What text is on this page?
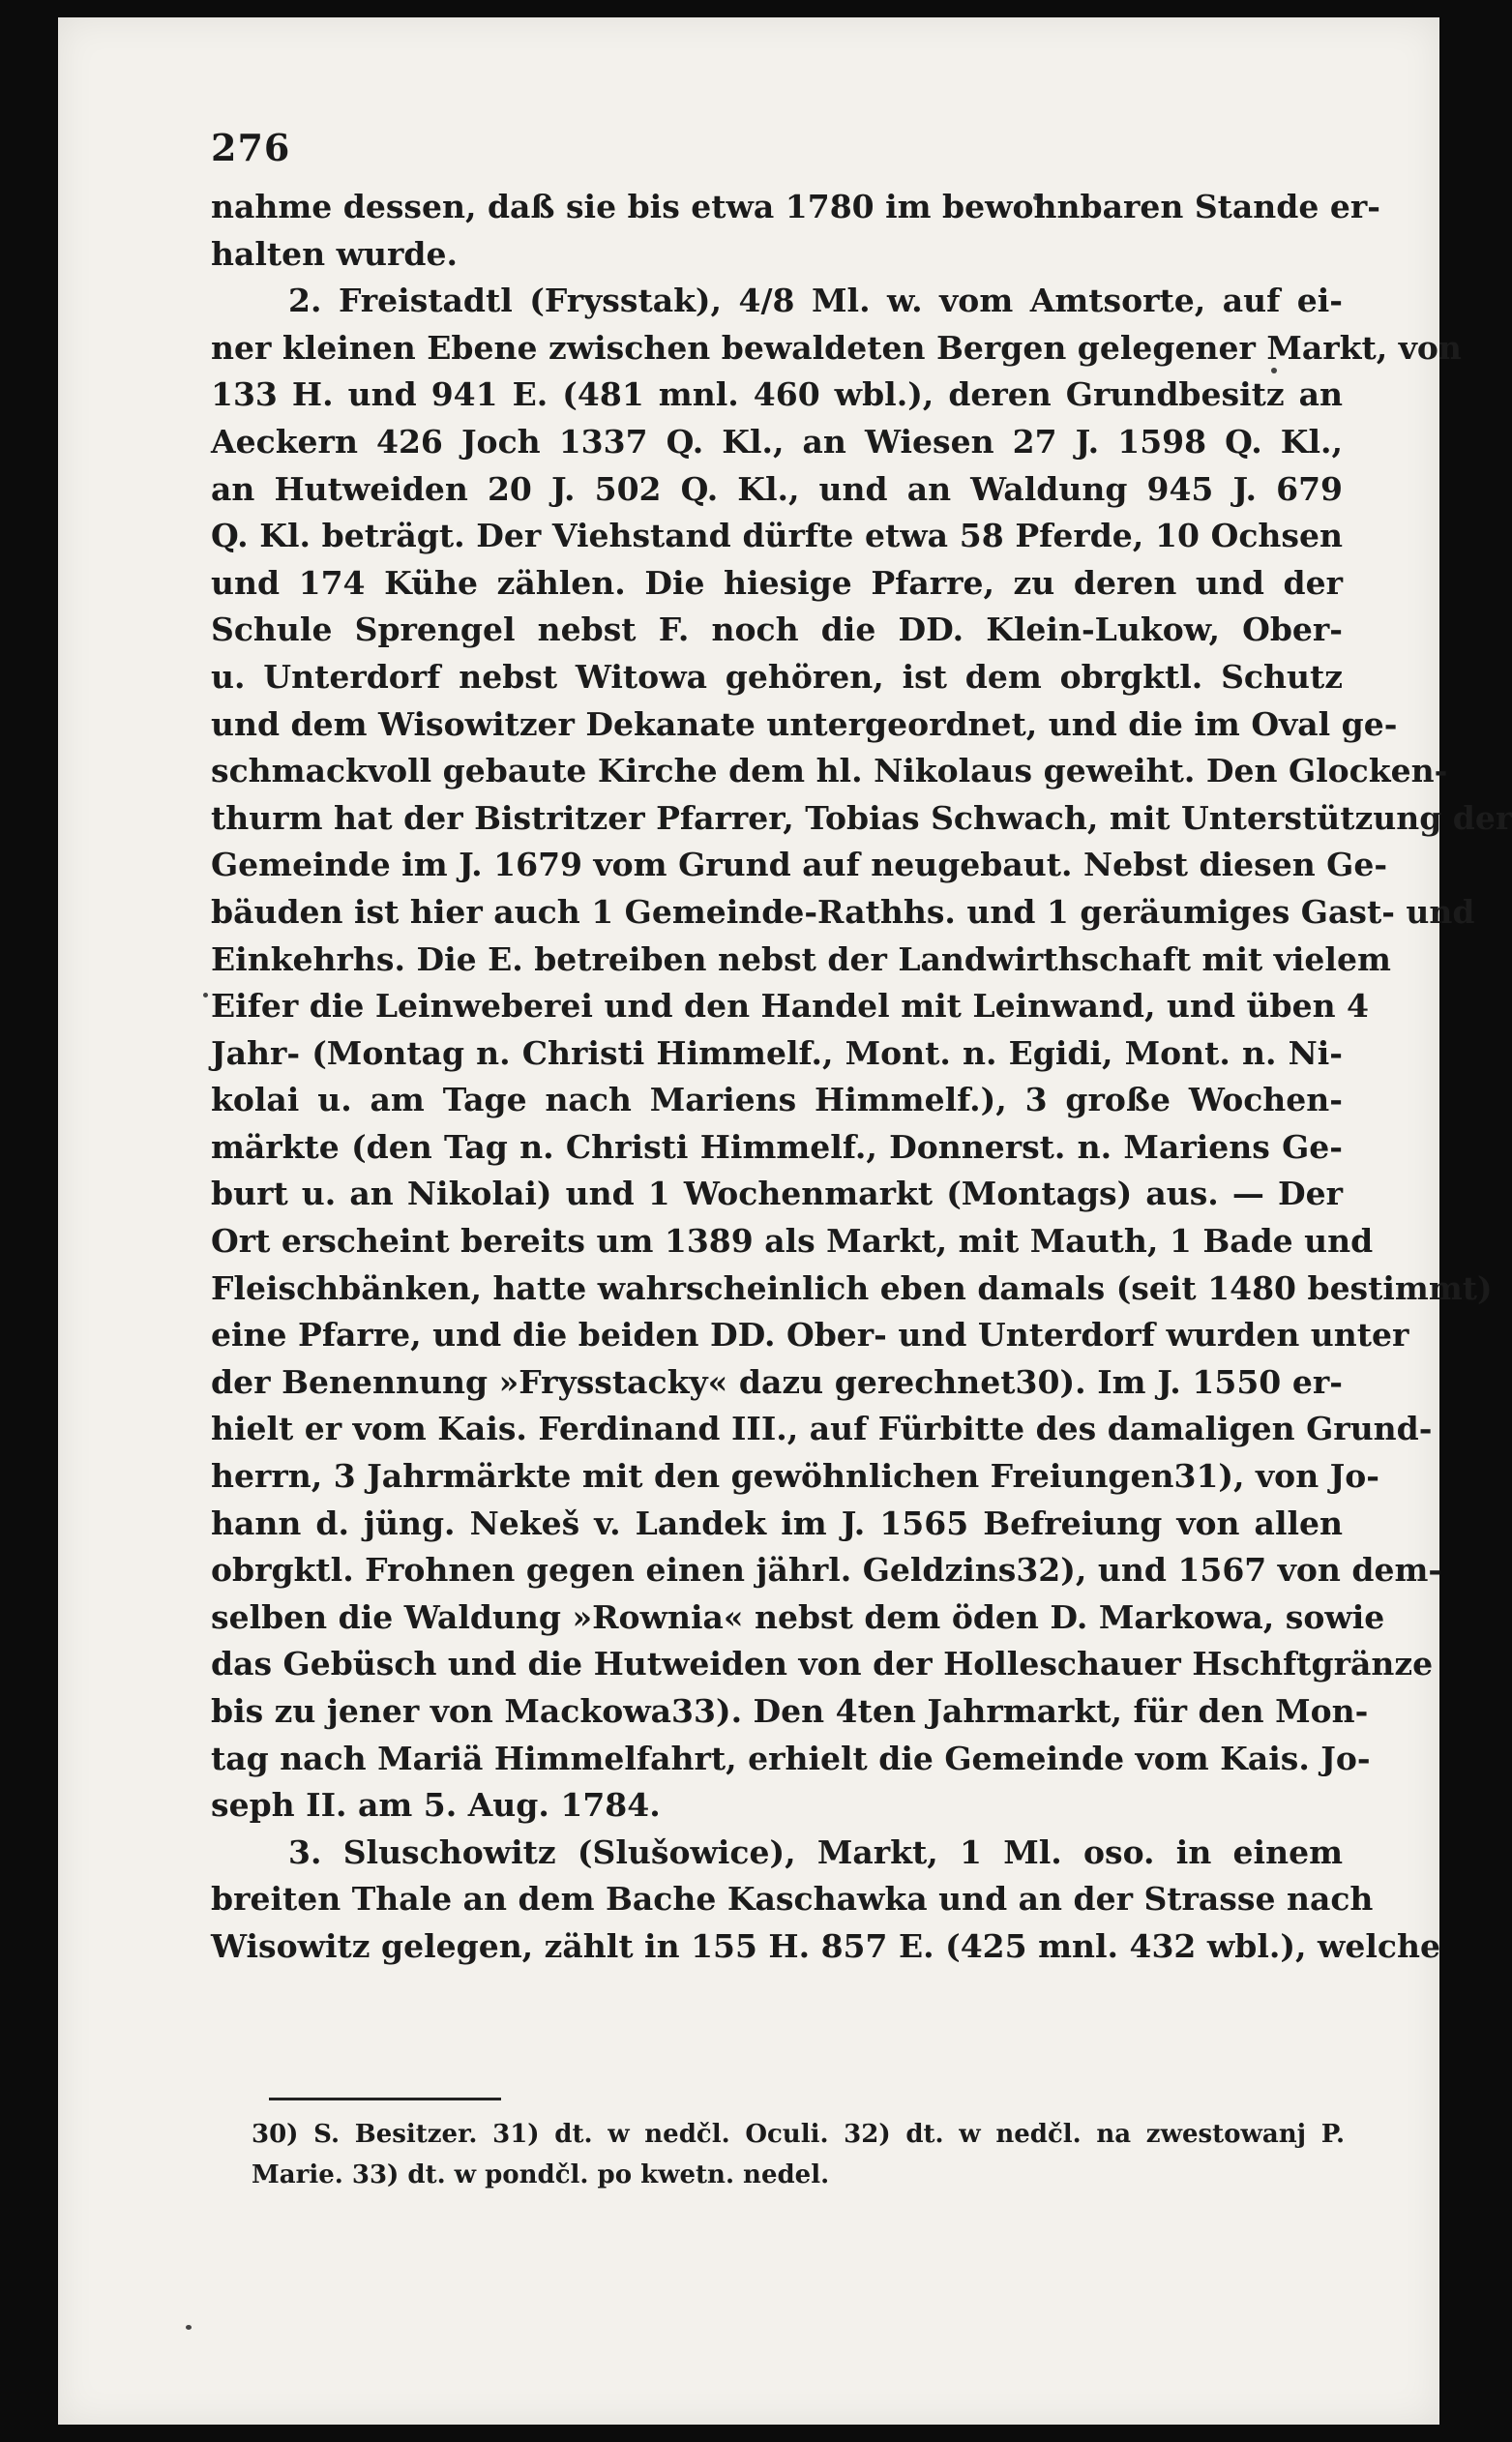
276
nahme dessen, daß sie bis etwa 1780 im bewohnbaren Stande er-
halten wurde.
2. Freistadtl (Frysstak), 4/8 Ml. w. vom Amtsorte, auf ei-
ner kleinen Ebene zwischen bewaldeten Bergen gelegener Markt, von
133 H. und 941 E. (481 mnl. 460 wbl.), deren Grundbesitz an
Aeckern 426 Joch 1337 Q. Kl., an Wiesen 27 J. 1598 Q. Kl.,
an Hutweiden 20 J. 502 Q. Kl., und an Waldung 945 J. 679
Q. Kl. beträgt. Der Viehstand dürfte etwa 58 Pferde, 10 Ochsen
und 174 Kühe zählen. Die hiesige Pfarre, zu deren und der
Schule Sprengel nebst F. noch die DD. Klein-Lukow, Ober-
u. Unterdorf nebst Witowa gehören, ist dem obrgktl. Schutz
und dem Wisowitzer Dekanate untergeordnet, und die im Oval ge-
schmackvoll gebaute Kirche dem hl. Nikolaus geweiht. Den Glocken-
thurm hat der Bistritzer Pfarrer, Tobias Schwach, mit Unterstützung der
Gemeinde im J. 1679 vom Grund auf neugebaut. Nebst diesen Ge-
bäuden ist hier auch 1 Gemeinde-Rathhs. und 1 geräumiges Gast- und
Einkehrhs. Die E. betreiben nebst der Landwirthschaft mit vielem
Eifer die Leinweberei und den Handel mit Leinwand, und üben 4
Jahr- (Montag n. Christi Himmelf., Mont. n. Egidi, Mont. n. Ni-
kolai u. am Tage nach Mariens Himmelf.), 3 große Wochen-
märkte (den Tag n. Christi Himmelf., Donnerst. n. Mariens Ge-
burt u. an Nikolai) und 1 Wochenmarkt (Montags) aus. — Der
Ort erscheint bereits um 1389 als Markt, mit Mauth, 1 Bade und
Fleischbänken, hatte wahrscheinlich eben damals (seit 1480 bestimmt)
eine Pfarre, und die beiden DD. Ober- und Unterdorf wurden unter
der Benennung »Frysstacky« dazu gerechnet30). Im J. 1550 er-
hielt er vom Kais. Ferdinand III., auf Fürbitte des damaligen Grund-
herrn, 3 Jahrmärkte mit den gewöhnlichen Freiungen31), von Jo-
hann d. jüng. Nekeš v. Landek im J. 1565 Befreiung von allen
obrgktl. Frohnen gegen einen jährl. Geldzins32), und 1567 von dem-
selben die Waldung »Rownia« nebst dem öden D. Markowa, sowie
das Gebüsch und die Hutweiden von der Holleschauer Hschftgränze
bis zu jener von Mackowa33). Den 4ten Jahrmarkt, für den Mon-
tag nach Mariä Himmelfahrt, erhielt die Gemeinde vom Kais. Jo-
seph II. am 5. Aug. 1784.
3. Sluschowitz (Slušowice), Markt, 1 Ml. oso. in einem
breiten Thale an dem Bache Kaschawka und an der Strasse nach
Wisowitz gelegen, zählt in 155 H. 857 E. (425 mnl. 432 wbl.), welche
30) S. Besitzer. 31) dt. w nedčl. Oculi. 32) dt. w nedčl. na zwestowanj P.
Marie. 33) dt. w pondčl. po kwetn. nedel.
